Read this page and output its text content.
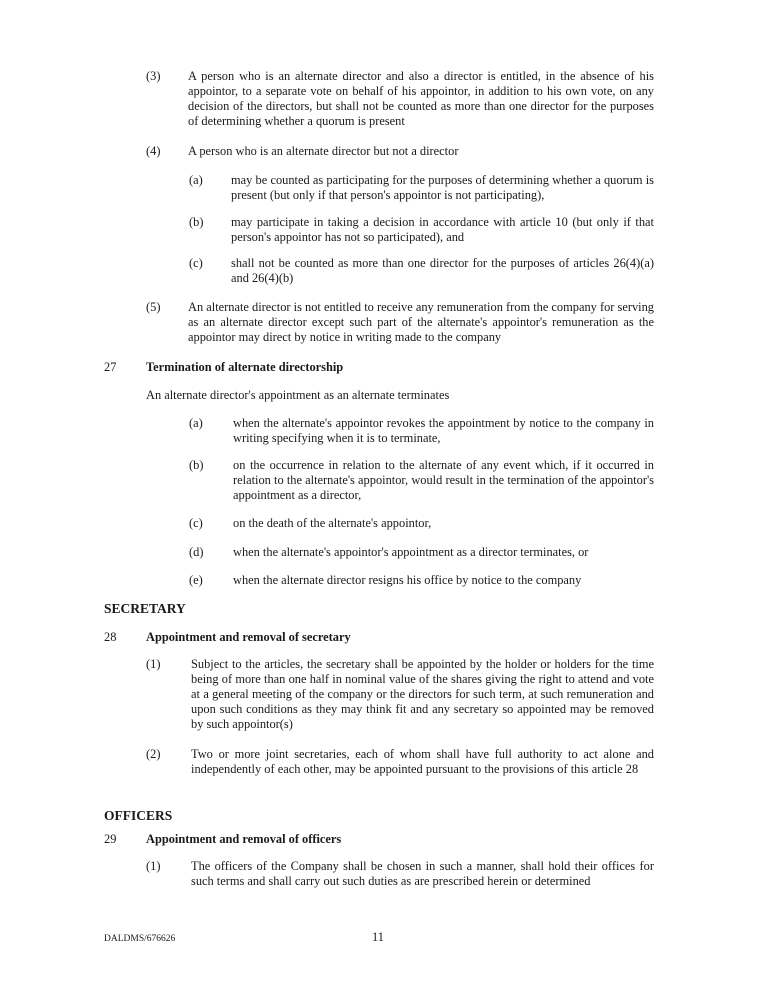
(3) A person who is an alternate director and also a director is entitled, in the absence of his appointor, to a separate vote on behalf of his appointor, in addition to his own vote, on any decision of the directors, but shall not be counted as more than one director for the purposes of determining whether a quorum is present
(4) A person who is an alternate director but not a director
(a) may be counted as participating for the purposes of determining whether a quorum is present (but only if that person's appointor is not participating),
(b) may participate in taking a decision in accordance with article 10 (but only if that person's appointor has not so participated), and
(c) shall not be counted as more than one director for the purposes of articles 26(4)(a) and 26(4)(b)
(5) An alternate director is not entitled to receive any remuneration from the company for serving as an alternate director except such part of the alternate's appointor's remuneration as the appointor may direct by notice in writing made to the company
27 Termination of alternate directorship
An alternate director's appointment as an alternate terminates
(a) when the alternate's appointor revokes the appointment by notice to the company in writing specifying when it is to terminate,
(b) on the occurrence in relation to the alternate of any event which, if it occurred in relation to the alternate's appointor, would result in the termination of the appointor's appointment as a director,
(c) on the death of the alternate's appointor,
(d) when the alternate's appointor's appointment as a director terminates, or
(e) when the alternate director resigns his office by notice to the company
SECRETARY
28 Appointment and removal of secretary
(1) Subject to the articles, the secretary shall be appointed by the holder or holders for the time being of more than one half in nominal value of the shares giving the right to attend and vote at a general meeting of the company or the directors for such term, at such remuneration and upon such conditions as they may think fit and any secretary so appointed may be removed by such appointor(s)
(2) Two or more joint secretaries, each of whom shall have full authority to act alone and independently of each other, may be appointed pursuant to the provisions of this article 28
OFFICERS
29 Appointment and removal of officers
(1) The officers of the Company shall be chosen in such a manner, shall hold their offices for such terms and shall carry out such duties as are prescribed herein or determined
DALDMS/676626	11
